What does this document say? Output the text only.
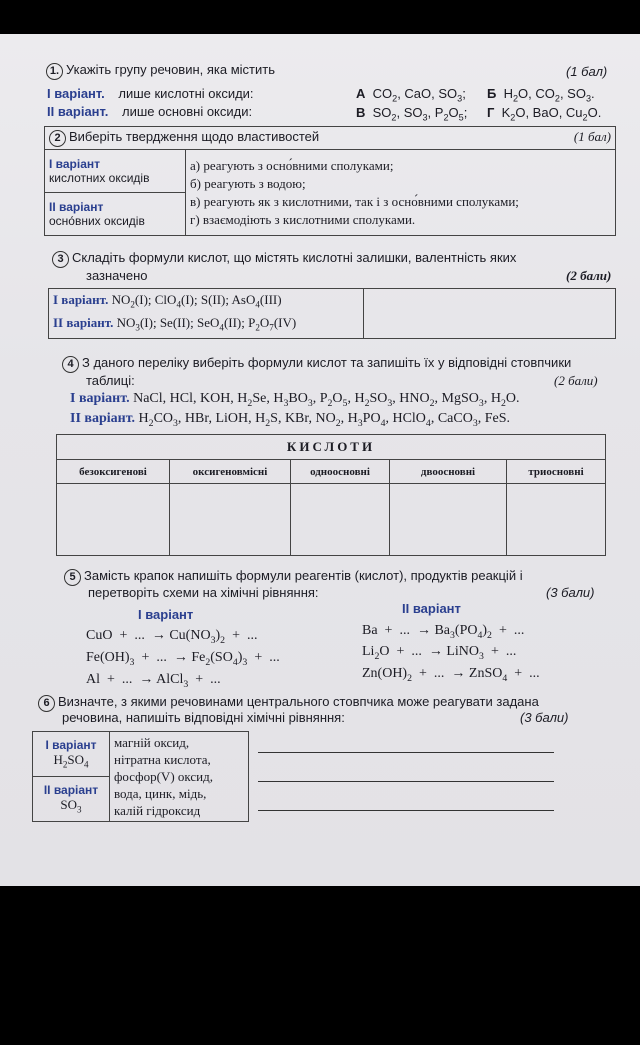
1. Укажіть групу речовин, яка містить	(1 бал)
І варіант. лише кислотні оксиди:
ІІ варіант. лише основні оксиди:
А  $CO_2$, CaO, $SO_3$; Б  $H_2O$, $CO_2$, $SO_3$.
В  $SO_2$, $SO_3$, $P_2O_5$; Г  $K_2O$, BaO, $Cu_2O$.
2 Виберіть твердження щодо властивостей	(1 бал)

І варіант
кислотних оксидів

а) реагують з осно́вними сполуками;
б) реагують з водою;
в) реагують як з кислотними, так і з осно́вними сполуками;
г) взаємодіють з кислотними сполуками.

ІІ варіант
осно́вних оксидів
3 Складіть формули кислот, що містять кислотні залишки, валентність яких
зазначено	(2 бали)
І варіант. $NO_2(I)$; ClO$_4$(I); S(II); AsO$_4$(III)
ІІ варіант. $NO_3(I)$; Se(II); SeO$_4$(II); $P_2O_7(IV)$

4 З даного переліку виберіть формули кислот та запишіть їх у відповідні стовпчики
таблиці:	(2 бали)
І варіант. NaCl, HCl, KOH, $H_2Se$, $H_3BO_3$, $P_2O_5$, $H_2SO_3$, $HNO_2$, MgSO$_3$, $H_2O$.
ІІ варіант. $H_2CO_3$, HBr, LiOH, $H_2S$, KBr, $NO_2$, $H_3PO_4$, HClO$_4$, CaCO$_3$, FeS.
КИСЛОТИ				
безоксигенові	оксигеновмісні	одноосновні	двоосновні	триосновні

5 Замість крапок напишіть формули реагентів (кислот), продуктів реакцій і
перетворіть схеми на хімічні рівняння:	(3 бали)
І варіант	ІІ варіант
CuO  +  ...  → $Cu(NO_3)_2$  +  ...
$Fe(OH)_3$  +  ...  → $Fe_2(SO_4)_3$  +  ...
Al  +  ...  → AlCl$_3$  +  ...
Ba  +  ...  → $Ba_3(PO_4)_2$  +  ...
$Li_2O$  +  ...  → LiNO$_3$  +  ...
$Zn(OH)_2$  +  ...  → ZnSO$_4$  +  ...
6 Визначте, з якими речовинами центрального стовпчика може реагувати задана
речовина, напишіть відповідні хімічні рівняння:	(3 бали)
І варіант
$H_2SO_4$

магній оксид,
нітратна кислота,
фосфор(V) оксид,
вода, цинк, мідь,
калій гідроксид

ІІ варіант
$SO_3$
